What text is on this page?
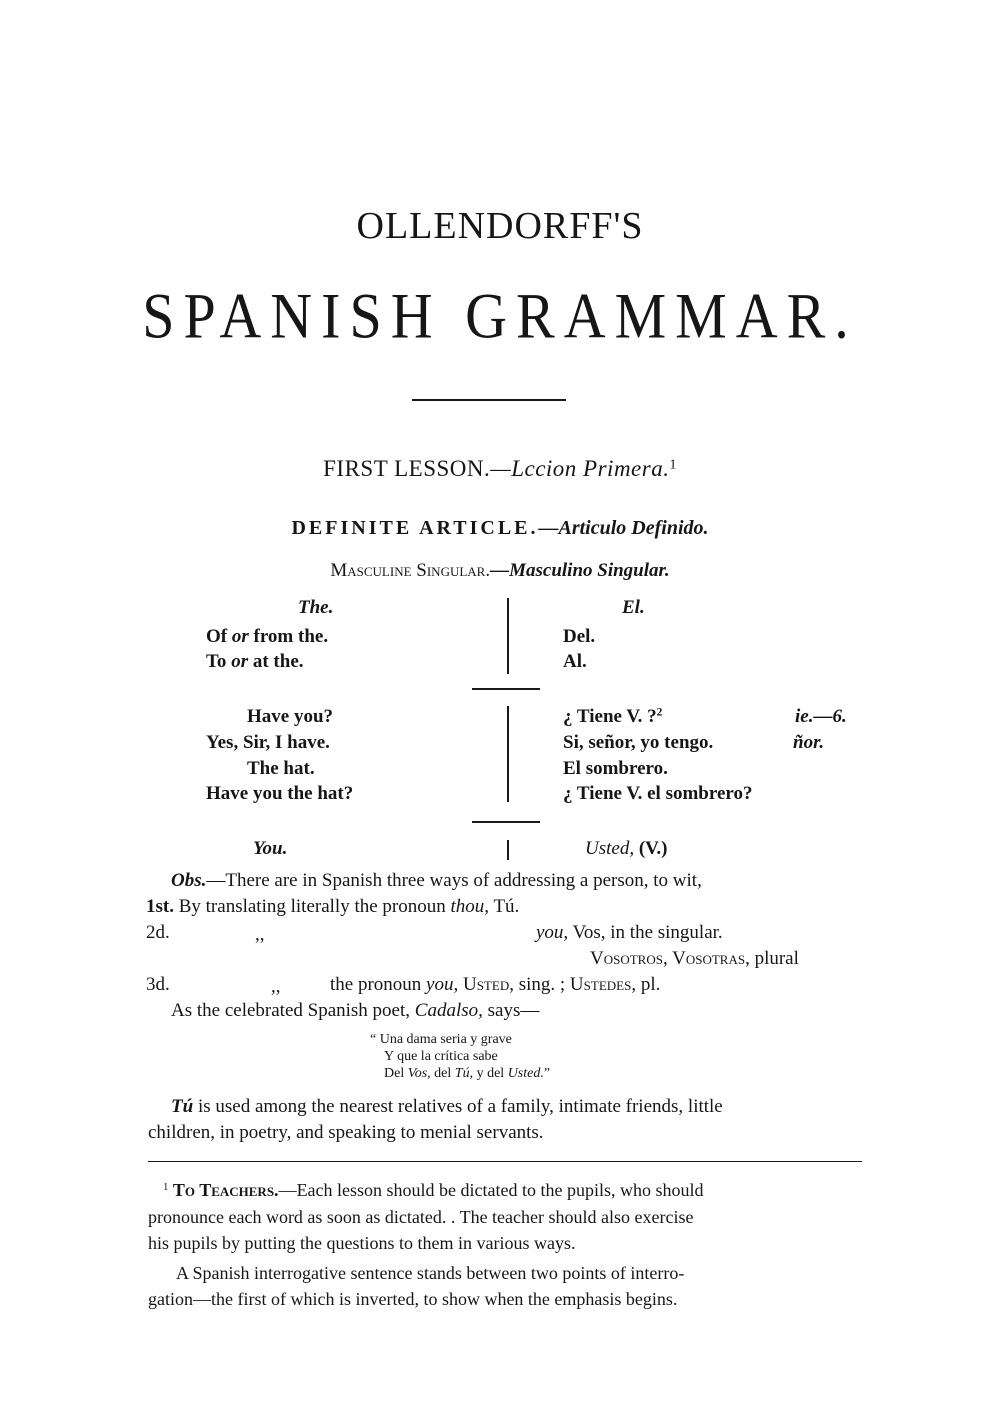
OLLENDORFF'S
SPANISH GRAMMAR.
FIRST LESSON.—Lccion Primera.$^1$
DEFINITE ARTICLE.—Articulo Definido.
Masculine Singular.—Masculino Singular.
The.	El.
Of or from the.	Del.
To or at the.	Al.
Have you?	¿ Tiene V. ?$^2$	ie.—6.
Yes, Sir, I have.	Si, señor, yo tengo.	ñor.
The hat.	El sombrero.
Have you the hat?	¿ Tiene V. el sombrero?
You.	Usted, (V.)
Obs.—There are in Spanish three ways of addressing a person, to wit,
1st. By translating literally the pronoun thou, Tú.
2d.	,,	you, Vos, in the singular.
Vosotros, Vosotras, plural
3d.	,,	the pronoun you, Usted, sing. ; Ustedes, pl.
As the celebrated Spanish poet, Cadalso, says—
“ Una dama seria y grave
Y que la crítica sabe
Del Vos, del Tú, y del Usted.”
Tú is used among the nearest relatives of a family, intimate friends, little
children, in poetry, and speaking to menial servants.
$^1$ To Teachers.—Each lesson should be dictated to the pupils, who should
pronounce each word as soon as dictated. . The teacher should also exercise
his pupils by putting the questions to them in various ways.
A Spanish interrogative sentence stands between two points of interro-
gation—the first of which is inverted, to show when the emphasis begins.
